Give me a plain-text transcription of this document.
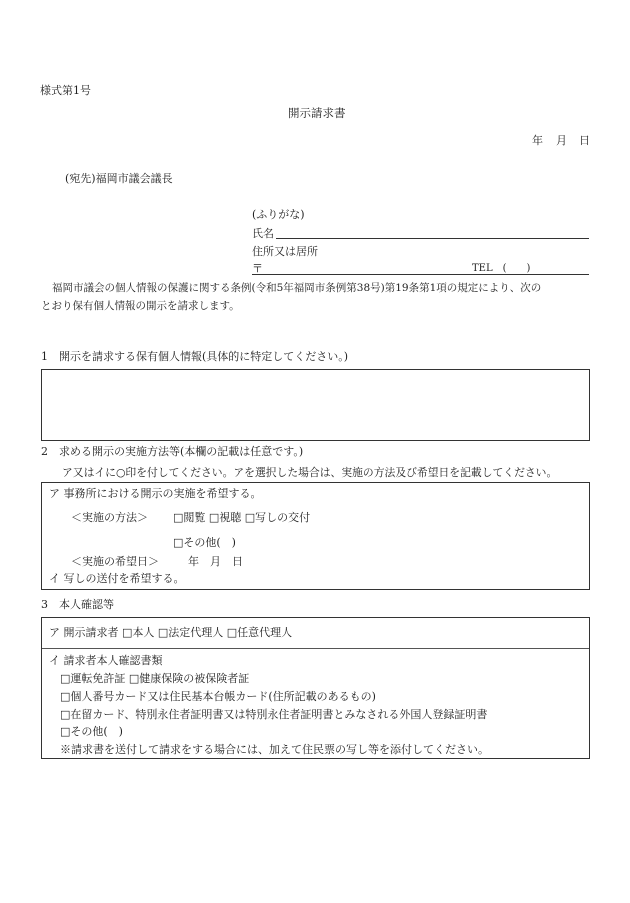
様式第1号
開示請求書
年 月 日
(宛先)福岡市議会議長
(ふりがな)
氏名
住所又は居所
〒	TEL　(　　)
福岡市議会の個人情報の保護に関する条例(令和5年福岡市条例第38号)第19条第1項の規定により、次の
とおり保有個人情報の開示を請求します。
1　開示を請求する保有個人情報(具体的に特定してください。)
2　求める開示の実施方法等(本欄の記載は任意です。)
ア又はイに○印を付してください。アを選択した場合は、実施の方法及び希望日を記載してください。
ア 事務所における開示の実施を希望する。
＜実施の方法＞ □閲覧 □視聴 □写しの交付
□その他(　)
＜実施の希望日＞	年　月　日
イ 写しの送付を希望する。
3　本人確認等
ア 開示請求者 □本人 □法定代理人 □任意代理人
イ 請求者本人確認書類
□運転免許証 □健康保険の被保険者証
□個人番号カード又は住民基本台帳カード(住所記載のあるもの)
□在留カード、特別永住者証明書又は特別永住者証明書とみなされる外国人登録証明書
□その他(　)
※請求書を送付して請求をする場合には、加えて住民票の写し等を添付してください。
